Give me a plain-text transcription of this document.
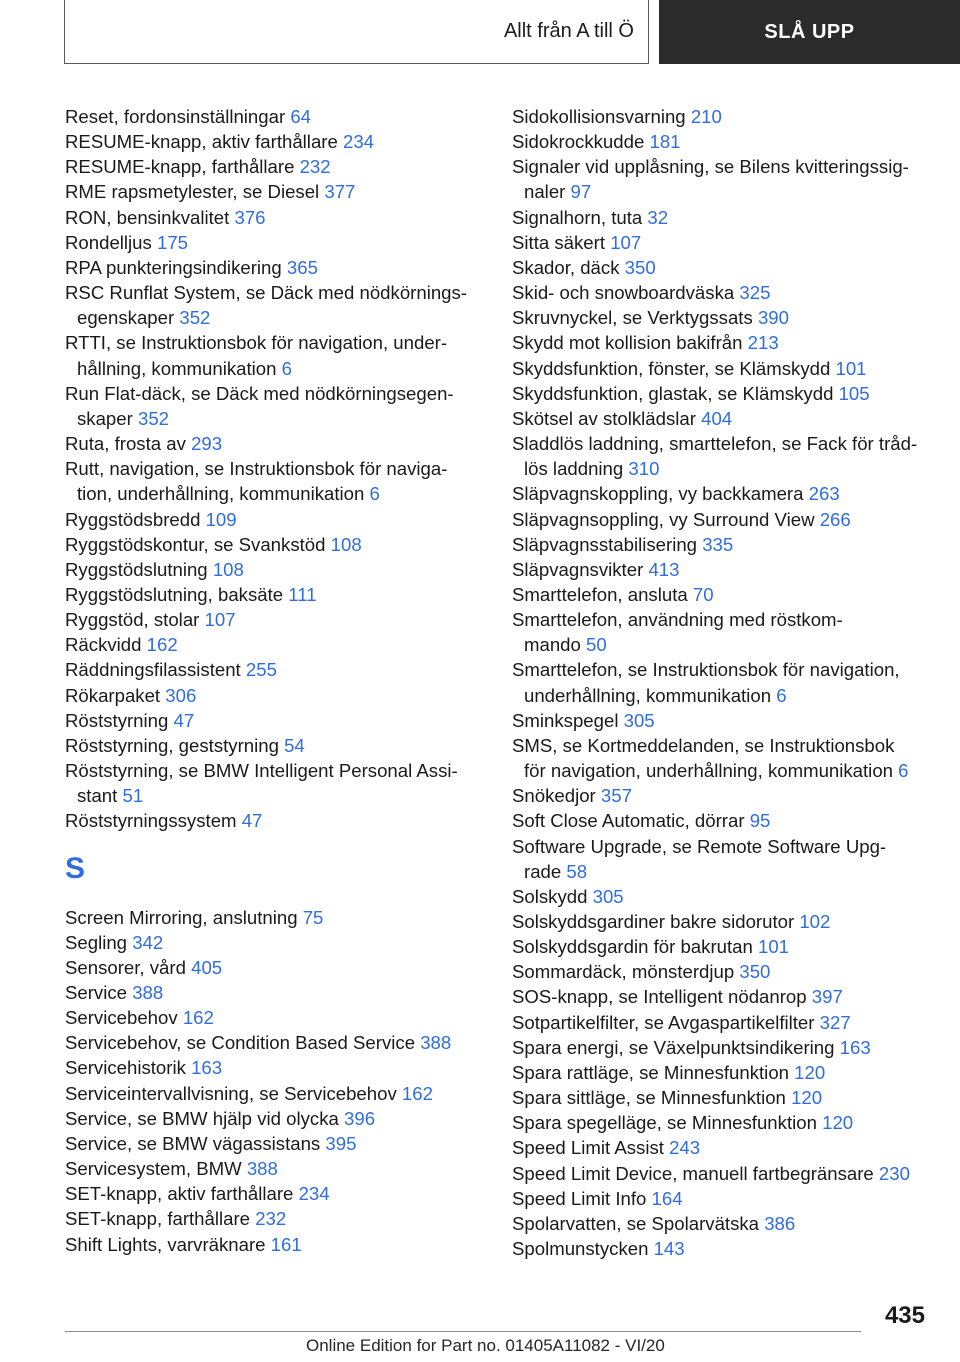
Allt från A till Ö	SLÅ UPP
Reset, fordonsinställningar 64
RESUME-knapp, aktiv farthållare 234
RESUME-knapp, farthållare 232
RME rapsmetylester, se Diesel 377
RON, bensinkvalitet 376
Rondelljus 175
RPA punkteringsindikering 365
RSC Runflat System, se Däck med nödkörnings-
egenskaper 352
RTTI, se Instruktionsbok för navigation, under-
hållning, kommunikation 6
Run Flat-däck, se Däck med nödkörningsegen-
skaper 352
Ruta, frosta av 293
Rutt, navigation, se Instruktionsbok för naviga-
tion, underhållning, kommunikation 6
Ryggstödsbredd 109
Ryggstödskontur, se Svankstöd 108
Ryggstödslutning 108
Ryggstödslutning, baksäte 111
Ryggstöd, stolar 107
Räckvidd 162
Räddningsfilassistent 255
Rökarpaket 306
Röststyrning 47
Röststyrning, geststyrning 54
Röststyrning, se BMW Intelligent Personal Assi-
stant 51
Röststyrningssystem 47
S
Screen Mirroring, anslutning 75
Segling 342
Sensorer, vård 405
Service 388
Servicebehov 162
Servicebehov, se Condition Based Service 388
Servicehistorik 163
Serviceintervallvisning, se Servicebehov 162
Service, se BMW hjälp vid olycka 396
Service, se BMW vägassistans 395
Servicesystem, BMW 388
SET-knapp, aktiv farthållare 234
SET-knapp, farthållare 232
Shift Lights, varvräknare 161
Sidokollisionsvarning 210
Sidokrockkudde 181
Signaler vid upplåsning, se Bilens kvitteringssig-
naler 97
Signalhorn, tuta 32
Sitta säkert 107
Skador, däck 350
Skid- och snowboardväska 325
Skruvnyckel, se Verktygssats 390
Skydd mot kollision bakifrån 213
Skyddsfunktion, fönster, se Klämskydd 101
Skyddsfunktion, glastak, se Klämskydd 105
Skötsel av stolklädslar 404
Sladdlös laddning, smarttelefon, se Fack för tråd-
lös laddning 310
Släpvagnskoppling, vy backkamera 263
Släpvagnsoppling, vy Surround View 266
Släpvagnsstabilisering 335
Släpvagnsvikter 413
Smarttelefon, ansluta 70
Smarttelefon, användning med röstkom-
mando 50
Smarttelefon, se Instruktionsbok för navigation,
underhållning, kommunikation 6
Sminkspegel 305
SMS, se Kortmeddelanden, se Instruktionsbok
för navigation, underhållning, kommunikation 6
Snökedjor 357
Soft Close Automatic, dörrar 95
Software Upgrade, se Remote Software Upg-
rade 58
Solskydd 305
Solskyddsgardiner bakre sidorutor 102
Solskyddsgardin för bakrutan 101
Sommardäck, mönsterdjup 350
SOS-knapp, se Intelligent nödanrop 397
Sotpartikelfilter, se Avgaspartikelfilter 327
Spara energi, se Växelpunktsindikering 163
Spara rattläge, se Minnesfunktion 120
Spara sittläge, se Minnesfunktion 120
Spara spegelläge, se Minnesfunktion 120
Speed Limit Assist 243
Speed Limit Device, manuell fartbegränsare 230
Speed Limit Info 164
Spolarvatten, se Spolarvätska 386
Spolmunstycken 143
435
Online Edition for Part no. 01405A11082 - VI/20
